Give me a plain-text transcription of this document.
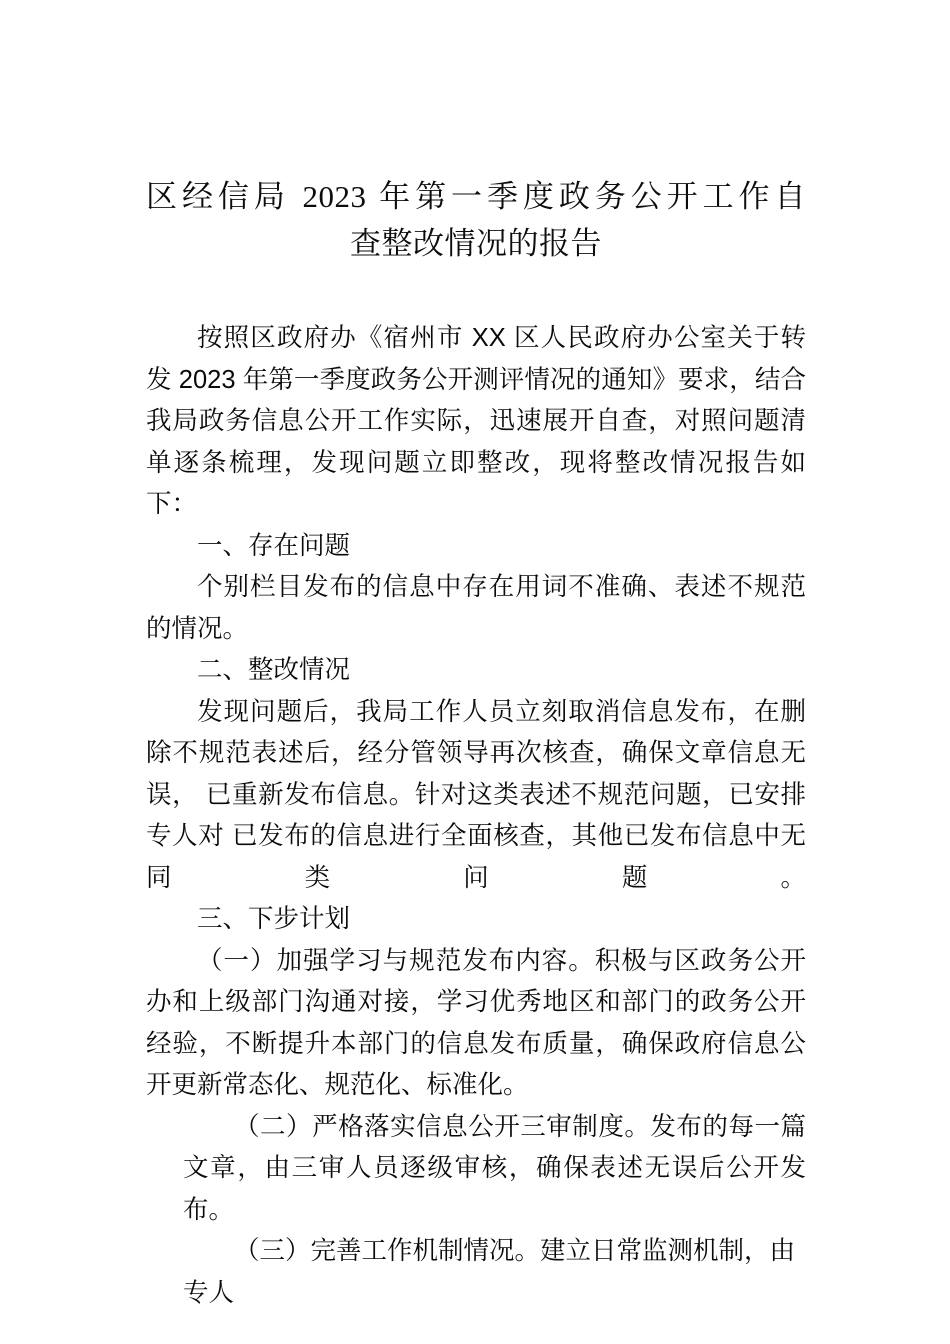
区经信局 2023 年第一季度政务公开工作自
查整改情况的报告

按照区政府办《宿州市 XX 区人民政府办公室关于转发 2023 年第一季度政务公开测评情况的通知》要求，结合我局政务信息公开工作实际，迅速展开自查，对照问题清单逐条梳理，发现问题立即整改，现将整改情况报告如下：

一、存在问题

个别栏目发布的信息中存在用词不准确、表述不规范的情况。

二、整改情况

发现问题后，我局工作人员立刻取消信息发布，在删除不规范表述后，经分管领导再次核查，确保文章信息无误， 已重新发布信息。针对这类表述不规范问题，已安排专人对 已发布的信息进行全面核查，其他已发布信息中无同类问题。

三、下步计划

（一）加强学习与规范发布内容。积极与区政务公开办和上级部门沟通对接，学习优秀地区和部门的政务公开经验，不断提升本部门的信息发布质量，确保政府信息公开更新常态化、规范化、标准化。

（二）严格落实信息公开三审制度。发布的每一篇文章，由三审人员逐级审核，确保表述无误后公开发布。

（三）完善工作机制情况。建立日常监测机制，由专人
